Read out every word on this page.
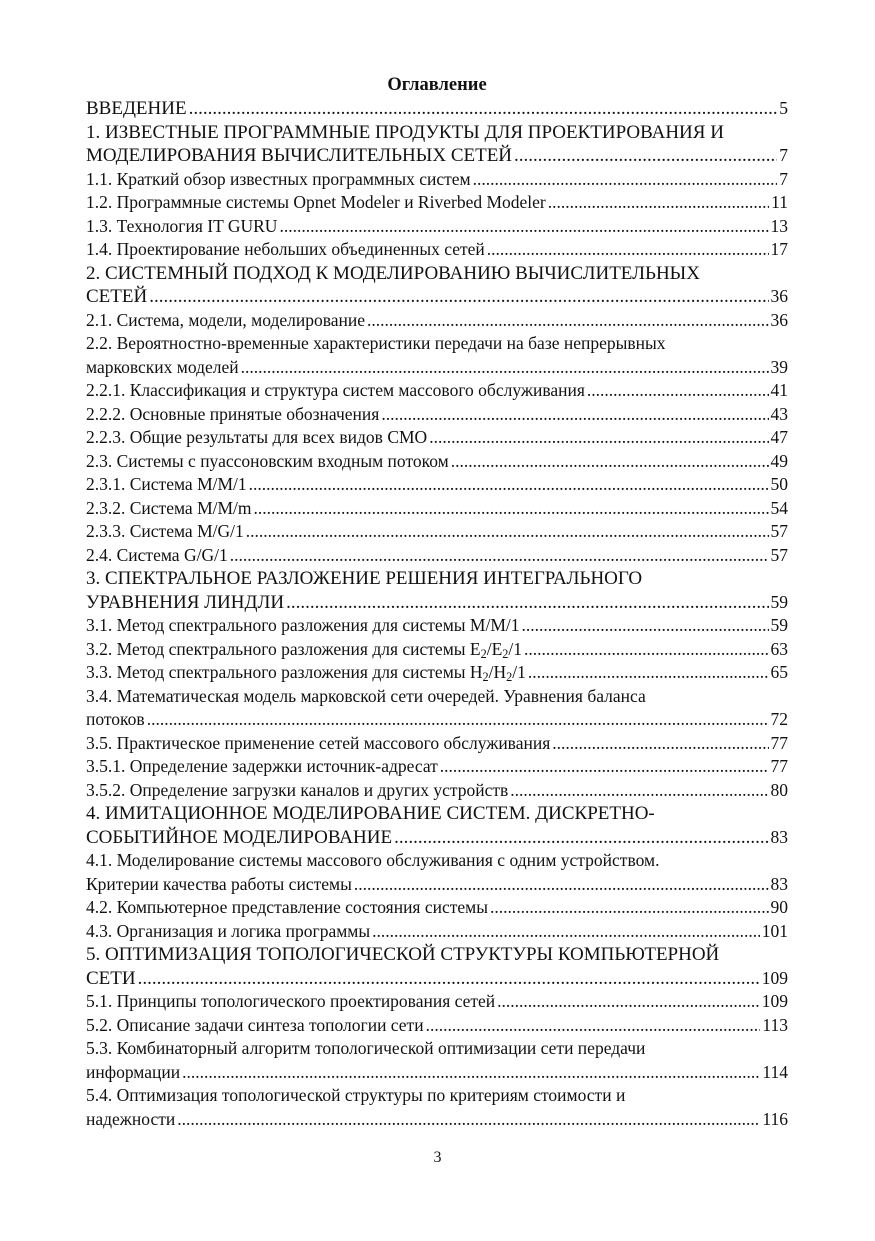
Оглавление
ВВЕДЕНИЕ .....	5
1. ИЗВЕСТНЫЕ ПРОГРАММНЫЕ ПРОДУКТЫ ДЛЯ ПРОЕКТИРОВАНИЯ И
МОДЕЛИРОВАНИЯ ВЫЧИСЛИТЕЛЬНЫХ СЕТЕЙ .....	7
1.1. Краткий обзор известных программных систем .....	7
1.2. Программные системы Opnet Modeler и Riverbed Modeler .....	11
1.3. Технология IT GURU .....	13
1.4. Проектирование небольших объединенных сетей .....	17
2. СИСТЕМНЫЙ ПОДХОД К МОДЕЛИРОВАНИЮ ВЫЧИСЛИТЕЛЬНЫХ
СЕТЕЙ .....	36
2.1. Система, модели, моделирование .....	36
2.2. Вероятностно-временные характеристики передачи на базе непрерывных
марковских моделей .....	39
2.2.1. Классификация и структура систем массового обслуживания .....	41
2.2.2. Основные принятые обозначения .....	43
2.2.3. Общие результаты для всех видов СМО .....	47
2.3. Системы с пуассоновским входным потоком .....	49
2.3.1. Система M/M/1 .....	50
2.3.2. Система M/M/m .....	54
2.3.3. Система M/G/1 .....	57
2.4. Система G/G/1 .....	57
3. СПЕКТРАЛЬНОЕ РАЗЛОЖЕНИЕ РЕШЕНИЯ ИНТЕГРАЛЬНОГО
УРАВНЕНИЯ ЛИНДЛИ .....	59
3.1. Метод спектрального разложения для системы M/M/1 .....	59
3.2. Метод спектрального разложения для системы $E_2/E_2/1$ .....	63
3.3. Метод спектрального разложения для системы $H_2/H_2/1$ .....	65
3.4. Математическая модель марковской сети очередей. Уравнения баланса
потоков .....	72
3.5. Практическое применение сетей массового обслуживания .....	77
3.5.1. Определение задержки источник-адресат .....	77
3.5.2. Определение загрузки каналов и других устройств .....	80
4. ИМИТАЦИОННОЕ МОДЕЛИРОВАНИЕ СИСТЕМ. ДИСКРЕТНО-
СОБЫТИЙНОЕ МОДЕЛИРОВАНИЕ .....	83
4.1. Моделирование системы массового обслуживания с одним устройством.
Критерии качества работы системы .....	83
4.2. Компьютерное представление состояния системы .....	90
4.3. Организация и логика программы .....	101
5. ОПТИМИЗАЦИЯ ТОПОЛОГИЧЕСКОЙ СТРУКТУРЫ КОМПЬЮТЕРНОЙ
СЕТИ .....	109
5.1. Принципы топологического проектирования сетей .....	109
5.2. Описание задачи синтеза топологии сети .....	113
5.3. Комбинаторный алгоритм топологической оптимизации сети передачи
информации .....	114
5.4. Оптимизация топологической структуры по критериям стоимости и
надежности .....	116
3
